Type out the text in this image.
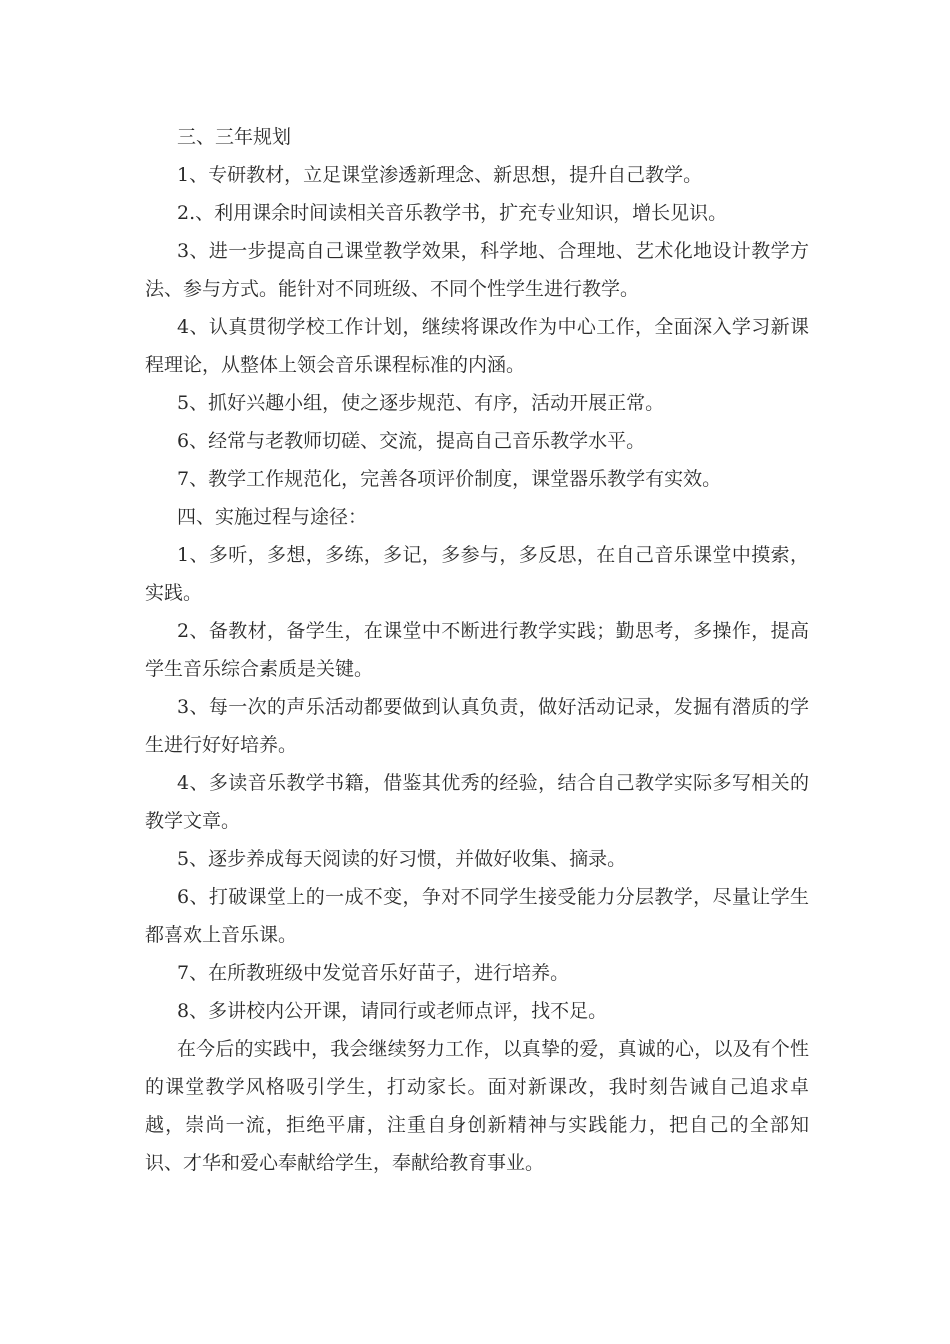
三、三年规划

1、专研教材，立足课堂渗透新理念、新思想，提升自己教学。

2.、利用课余时间读相关音乐教学书，扩充专业知识，增长见识。

3、进一步提高自己课堂教学效果，科学地、合理地、艺术化地设计教学方法、参与方式。能针对不同班级、不同个性学生进行教学。

4、认真贯彻学校工作计划，继续将课改作为中心工作，全面深入学习新课程理论，从整体上领会音乐课程标准的内涵。

5、抓好兴趣小组，使之逐步规范、有序，活动开展正常。

6、经常与老教师切磋、交流，提高自己音乐教学水平。

7、教学工作规范化，完善各项评价制度，课堂器乐教学有实效。

四、实施过程与途径：

1、多听，多想，多练，多记，多参与，多反思，在自己音乐课堂中摸索，实践。

2、备教材，备学生，在课堂中不断进行教学实践；勤思考，多操作，提高学生音乐综合素质是关键。

3、每一次的声乐活动都要做到认真负责，做好活动记录，发掘有潜质的学生进行好好培养。

4、多读音乐教学书籍，借鉴其优秀的经验，结合自己教学实际多写相关的教学文章。

5、逐步养成每天阅读的好习惯，并做好收集、摘录。

6、打破课堂上的一成不变，争对不同学生接受能力分层教学，尽量让学生都喜欢上音乐课。

7、在所教班级中发觉音乐好苗子，进行培养。

8、多讲校内公开课，请同行或老师点评，找不足。

在今后的实践中，我会继续努力工作，以真挚的爱，真诚的心，以及有个性的课堂教学风格吸引学生，打动家长。面对新课改，我时刻告诫自己追求卓越，崇尚一流，拒绝平庸，注重自身创新精神与实践能力，把自己的全部知识、才华和爱心奉献给学生，奉献给教育事业。
